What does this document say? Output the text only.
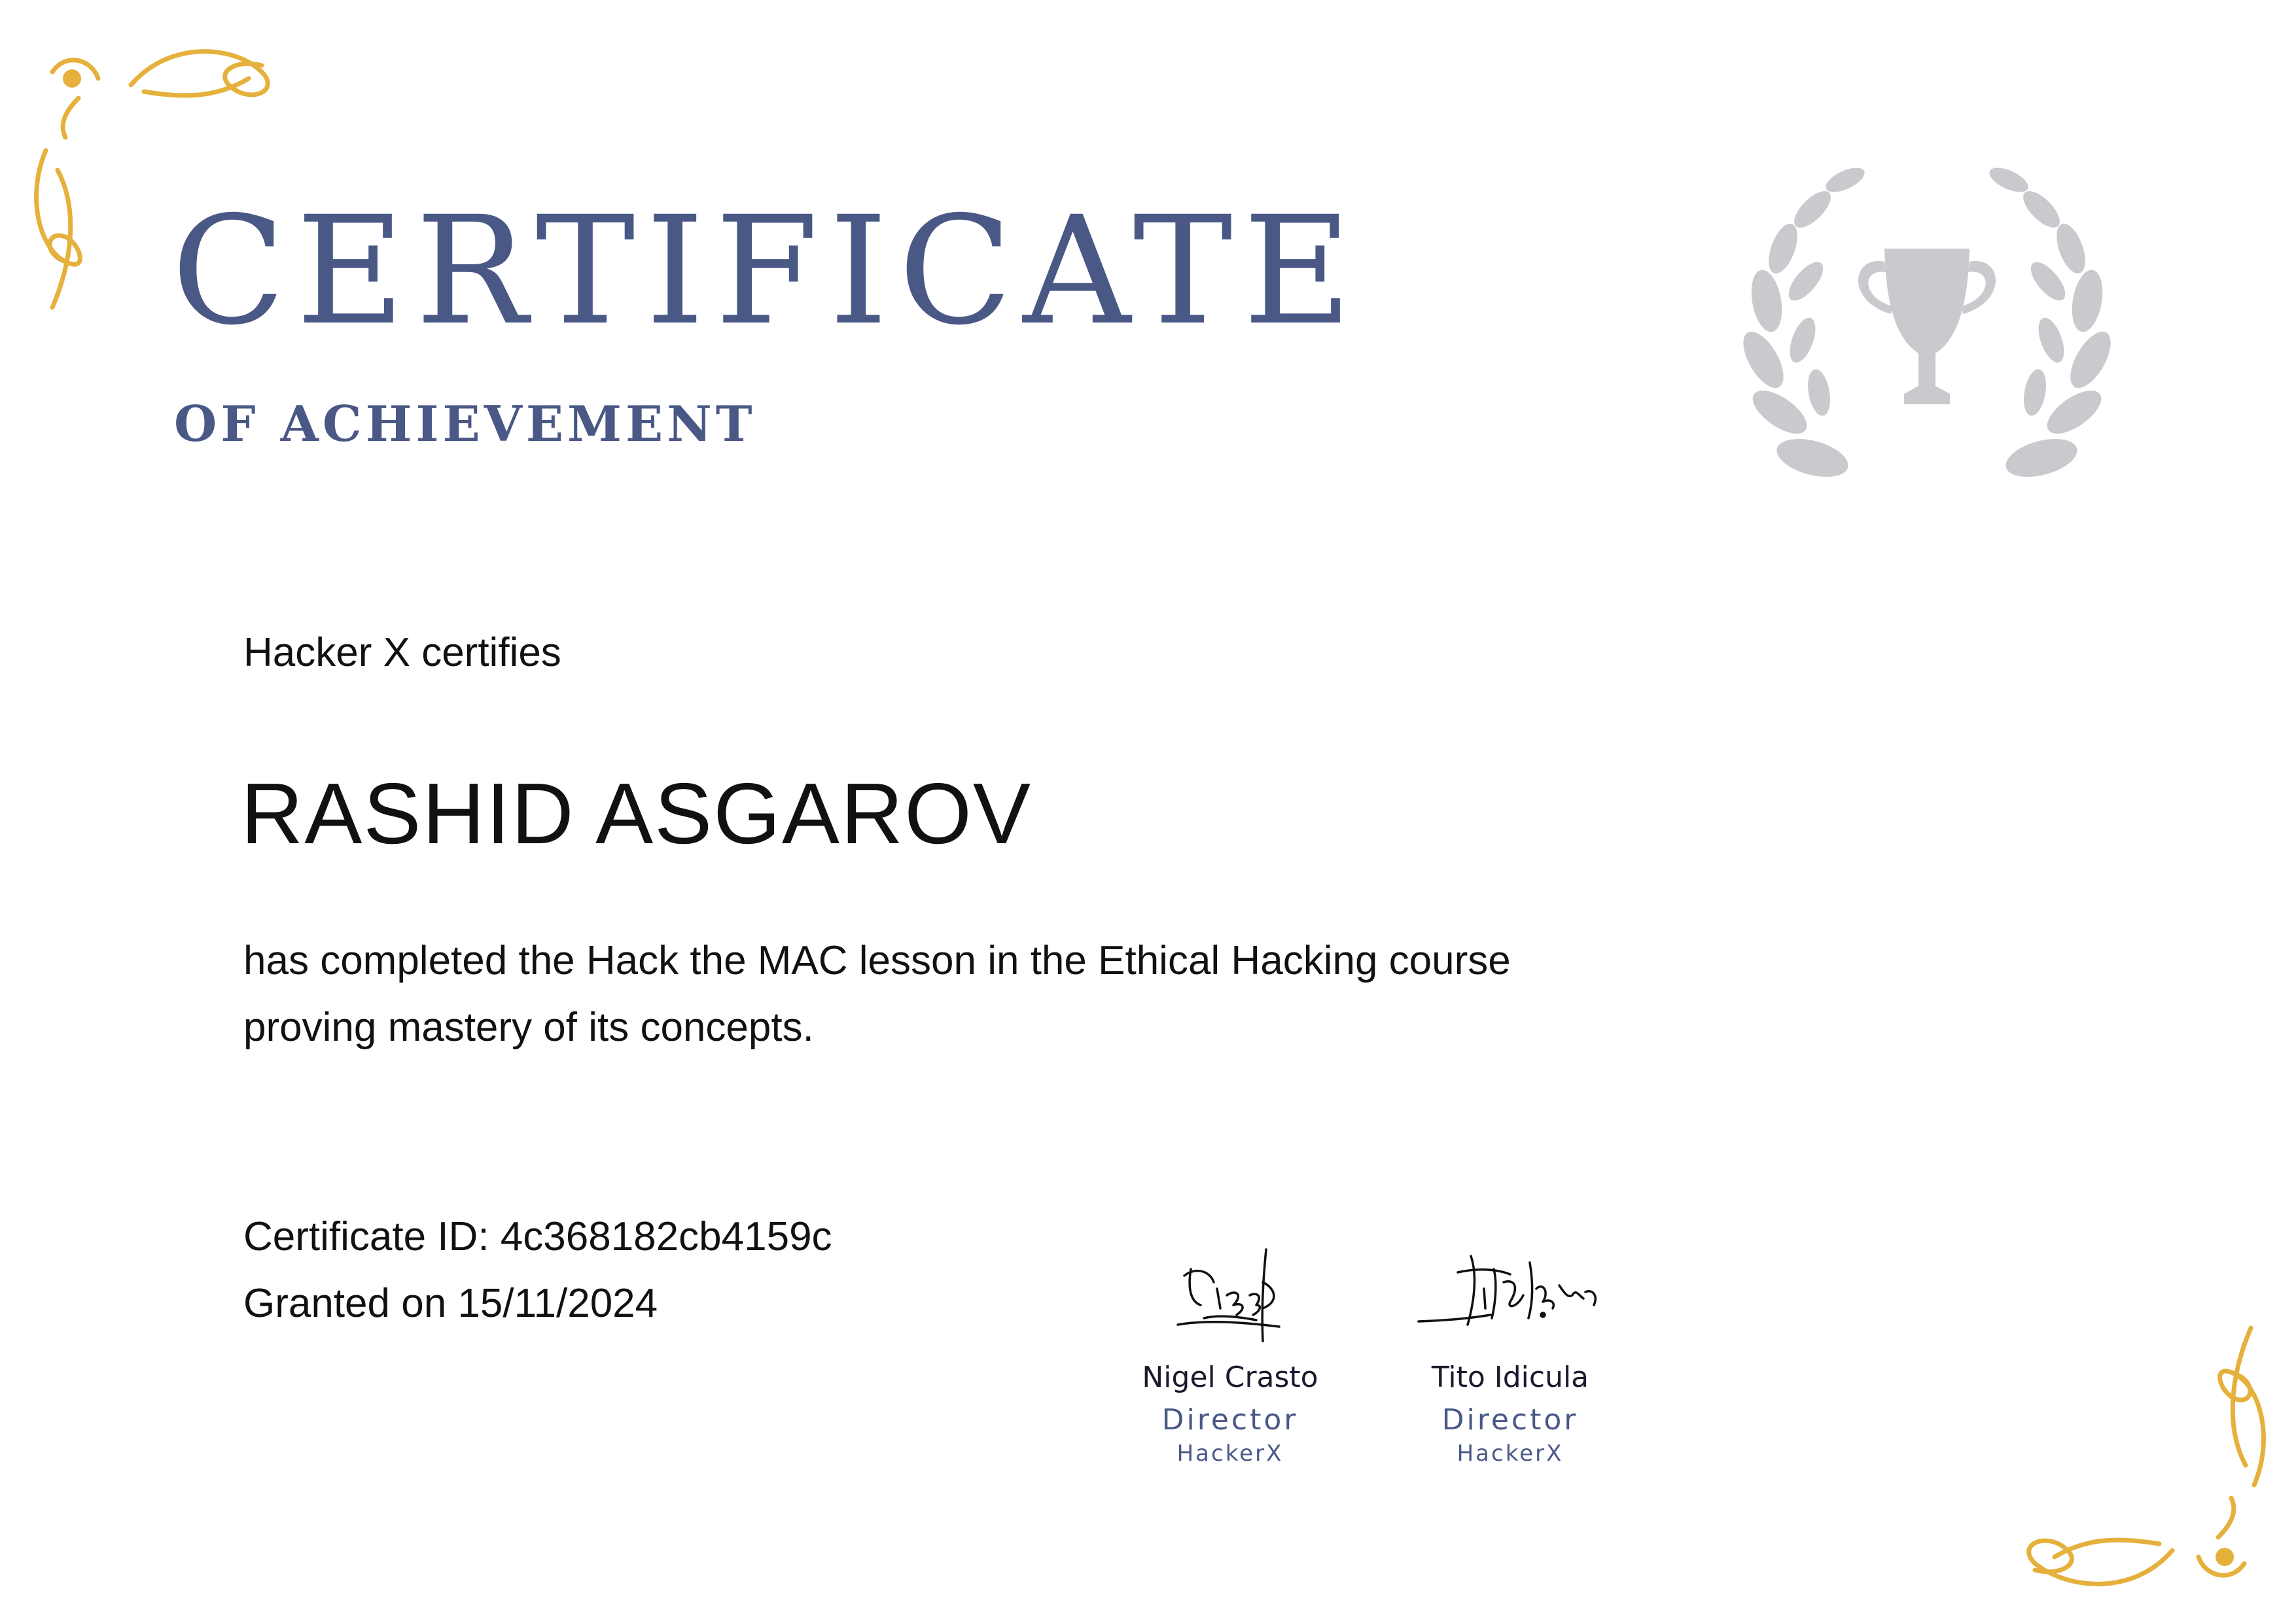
CERTIFICATE
OF ACHIEVEMENT
Hacker X certifies
RASHID ASGAROV
has completed the Hack the MAC lesson in the Ethical Hacking course
proving mastery of its concepts.
Certificate ID: 4c368182cb4159c
Granted on 15/11/2024
Nigel Crasto
Director
HackerX
Tito Idicula
Director
HackerX
